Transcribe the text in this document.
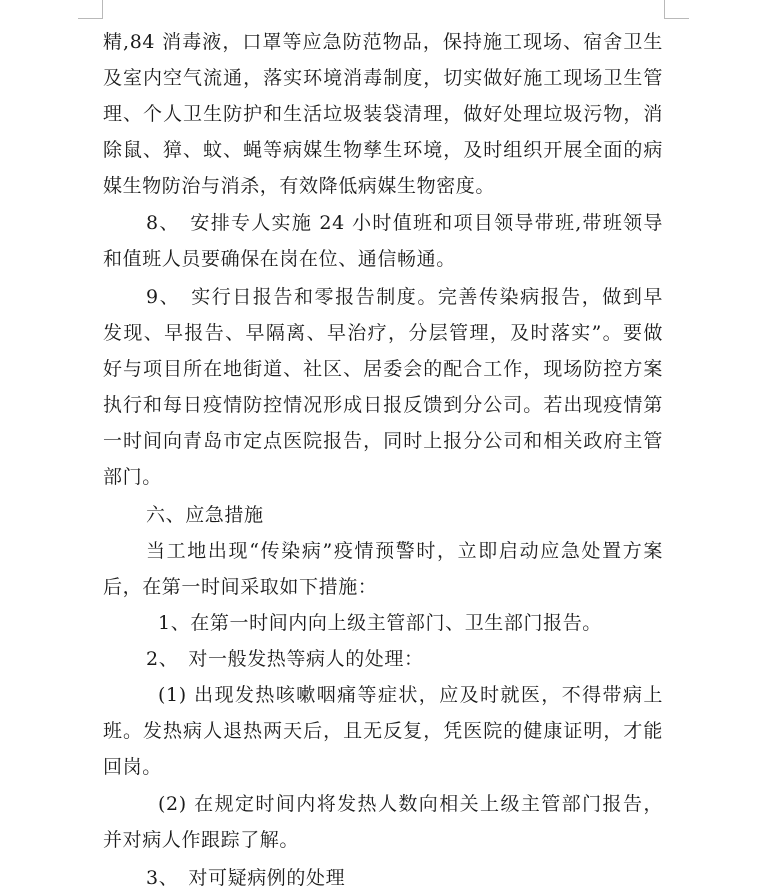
精,84 消毒液，口罩等应急防范物品，保持施工现场、宿舍卫生
及室内空气流通，落实环境消毒制度，切实做好施工现场卫生管
理、个人卫生防护和生活垃圾装袋清理，做好处理垃圾污物，消
除鼠、獐、蚊、蝇等病媒生物孳生环境，及时组织开展全面的病
媒生物防治与消杀，有效降低病媒生物密度。
8、　安排专人实施 24 小时值班和项目领导带班,带班领导
和值班人员要确保在岗在位、通信畅通。
9、　实行日报告和零报告制度。完善传染病报告，做到早
发现、早报告、早隔离、早治疗，分层管理，及时落实”。要做
好与项目所在地街道、社区、居委会的配合工作，现场防控方案
执行和每日疫情防控情况形成日报反馈到分公司。若出现疫情第
一时间向青岛市定点医院报告，同时上报分公司和相关政府主管
部门。
六、应急措施
当工地出现“传染病”疫情预警时，立即启动应急处置方案
后，在第一时间采取如下措施：
1、在第一时间内向上级主管部门、卫生部门报告。
2、　对一般发热等病人的处理：
(1) 出现发热咳嗽咽痛等症状，应及时就医，不得带病上
班。发热病人退热两天后，且无反复，凭医院的健康证明，才能
回岗。
(2) 在规定时间内将发热人数向相关上级主管部门报告，
并对病人作跟踪了解。
3、　对可疑病例的处理
